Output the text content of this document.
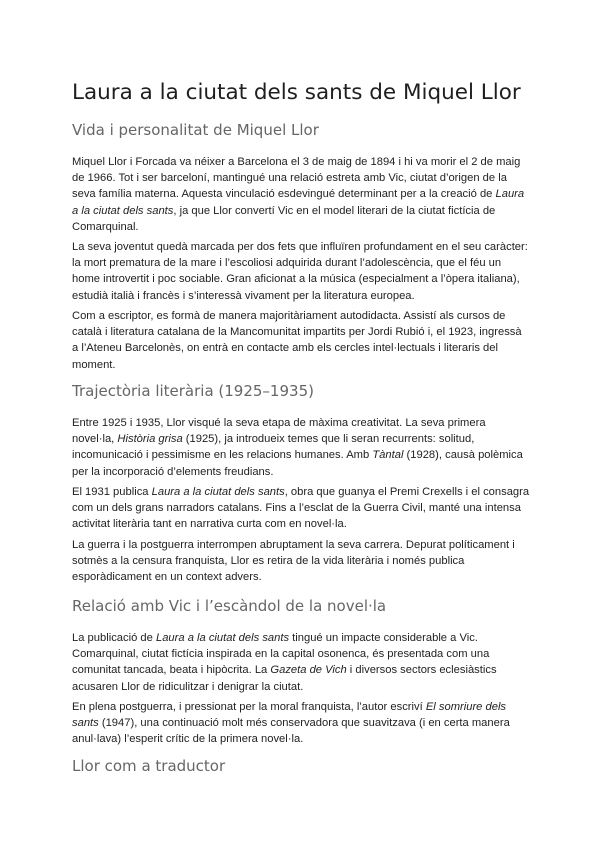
Laura a la ciutat dels sants de Miquel Llor
Vida i personalitat de Miquel Llor

Miquel Llor i Forcada va néixer a Barcelona el 3 de maig de 1894 i hi va morir el 2 de maig de 1966. Tot i ser barceloní, mantingué una relació estreta amb Vic, ciutat d’origen de la seva família materna. Aquesta vinculació esdevingué determinant per a la creació de Laura a la ciutat dels sants, ja que Llor convertí Vic en el model literari de la ciutat fictícia de Comarquinal.

La seva joventut quedà marcada per dos fets que influïren profundament en el seu caràcter: la mort prematura de la mare i l’escoliosi adquirida durant l’adolescència, que el féu un home introvertit i poc sociable. Gran aficionat a la música (especialment a l’òpera italiana), estudià italià i francès i s’interessà vivament per la literatura europea.

Com a escriptor, es formà de manera majoritàriament autodidacta. Assistí als cursos de català i literatura catalana de la Mancomunitat impartits per Jordi Rubió i, el 1923, ingressà a l’Ateneu Barcelonès, on entrà en contacte amb els cercles intel·lectuals i literaris del moment.

Trajectòria literària (1925–1935)

Entre 1925 i 1935, Llor visqué la seva etapa de màxima creativitat. La seva primera novel·la, Història grisa (1925), ja introdueix temes que li seran recurrents: solitud, incomunicació i pessimisme en les relacions humanes. Amb Tàntal (1928), causà polèmica per la incorporació d’elements freudians.

El 1931 publica Laura a la ciutat dels sants, obra que guanya el Premi Crexells i el consagra com un dels grans narradors catalans. Fins a l’esclat de la Guerra Civil, manté una intensa activitat literària tant en narrativa curta com en novel·la.

La guerra i la postguerra interrompen abruptament la seva carrera. Depurat políticament i sotmès a la censura franquista, Llor es retira de la vida literària i només publica esporàdicament en un context advers.

Relació amb Vic i l’escàndol de la novel·la

La publicació de Laura a la ciutat dels sants tingué un impacte considerable a Vic. Comarquinal, ciutat fictícia inspirada en la capital osonenca, és presentada com una comunitat tancada, beata i hipòcrita. La Gazeta de Vich i diversos sectors eclesiàstics acusaren Llor de ridiculitzar i denigrar la ciutat.

En plena postguerra, i pressionat per la moral franquista, l’autor escriví El somriure dels sants (1947), una continuació molt més conservadora que suavitzava (i en certa manera anul·lava) l’esperit crític de la primera novel·la.

Llor com a traductor
